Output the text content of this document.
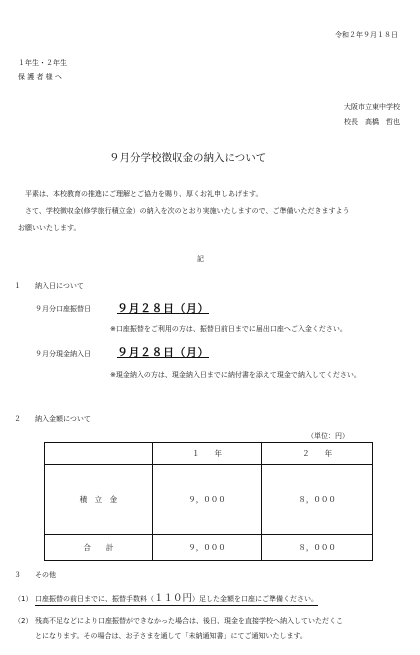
令和２年９月１８日
１年生・２年生
保 護 者 様 へ
大阪市立東中学校
校長　高橋　哲也
９月分学校徴収金の納入について
平素は、本校教育の推進にご理解とご協力を賜り、厚くお礼申しあげます。
さて、学校徴収金(修学旅行積立金）の納入を次のとおり実施いたしますので、ご準備いただきますよう
お願いいたします。
記
１　　納入日について
９月分口座振替日 ９月２８日（月）
※口座振替をご利用の方は、振替日前日までに届出口座へご入金ください。
９月分現金納入日 ９月２８日（月）
※現金納入の方は、現金納入日までに納付書を添えて現金で納入してください。
２　　納入金額について
（単位：円）
	１　　年	２　　年
積　立　金	９，０００	８，０００
合　　計	９，０００	８，０００
３　　その他
（1） 口座振替の前日までに、振替手数料（１１０円）足した金額を口座にご準備ください。
（2） 残高不足などにより口座振替ができなかった場合は、後日、現金を直接学校へ納入していただくこ
とになります。その場合は、お子さまを通して「未納通知書」にてご通知いたします。
